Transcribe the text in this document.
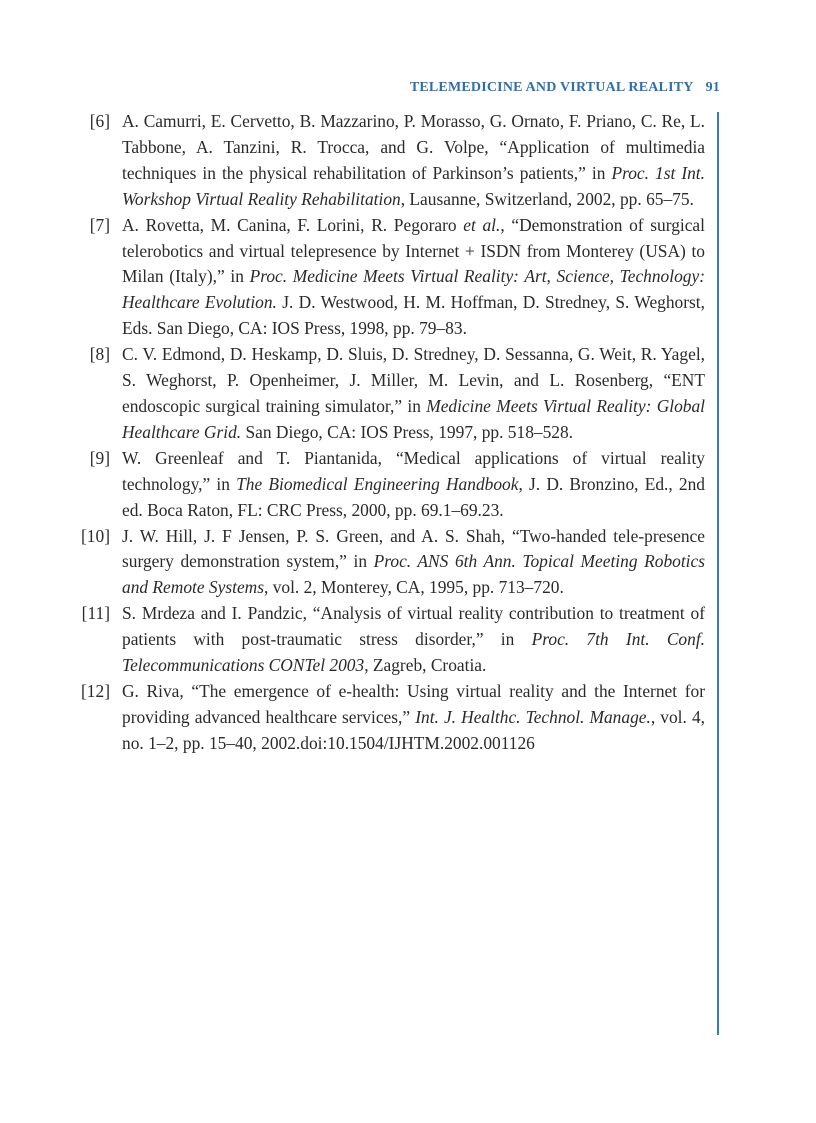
TELEMEDICINE AND VIRTUAL REALITY 91
[6] A. Camurri, E. Cervetto, B. Mazzarino, P. Morasso, G. Ornato, F. Priano, C. Re, L. Tabbone, A. Tanzini, R. Trocca, and G. Volpe, “Application of multimedia techniques in the physical rehabilitation of Parkinson’s patients,” in Proc. 1st Int. Workshop Virtual Reality Rehabilitation, Lausanne, Switzerland, 2002, pp. 65–75.
[7] A. Rovetta, M. Canina, F. Lorini, R. Pegoraro et al., “Demonstration of surgical telerobotics and virtual telepresence by Internet + ISDN from Monterey (USA) to Milan (Italy),” in Proc. Medicine Meets Virtual Reality: Art, Science, Technology: Healthcare Evolution. J. D. Westwood, H. M. Hoffman, D. Stredney, S. Weghorst, Eds. San Diego, CA: IOS Press, 1998, pp. 79–83.
[8] C. V. Edmond, D. Heskamp, D. Sluis, D. Stredney, D. Sessanna, G. Weit, R. Yagel, S. Weghorst, P. Openheimer, J. Miller, M. Levin, and L. Rosenberg, “ENT endoscopic surgical training simulator,” in Medicine Meets Virtual Reality: Global Healthcare Grid. San Diego, CA: IOS Press, 1997, pp. 518–528.
[9] W. Greenleaf and T. Piantanida, “Medical applications of virtual reality technology,” in The Biomedical Engineering Handbook, J. D. Bronzino, Ed., 2nd ed. Boca Raton, FL: CRC Press, 2000, pp. 69.1–69.23.
[10] J. W. Hill, J. F Jensen, P. S. Green, and A. S. Shah, “Two-handed tele-presence surgery demonstration system,” in Proc. ANS 6th Ann. Topical Meeting Robotics and Remote Systems, vol. 2, Monterey, CA, 1995, pp. 713–720.
[11] S. Mrdeza and I. Pandzic, “Analysis of virtual reality contribution to treatment of patients with post-traumatic stress disorder,” in Proc. 7th Int. Conf. Telecommunications CONTel 2003, Zagreb, Croatia.
[12] G. Riva, “The emergence of e-health: Using virtual reality and the Internet for providing advanced healthcare services,” Int. J. Healthc. Technol. Manage., vol. 4, no. 1–2, pp. 15–40, 2002.doi:10.1504/IJHTM.2002.001126
